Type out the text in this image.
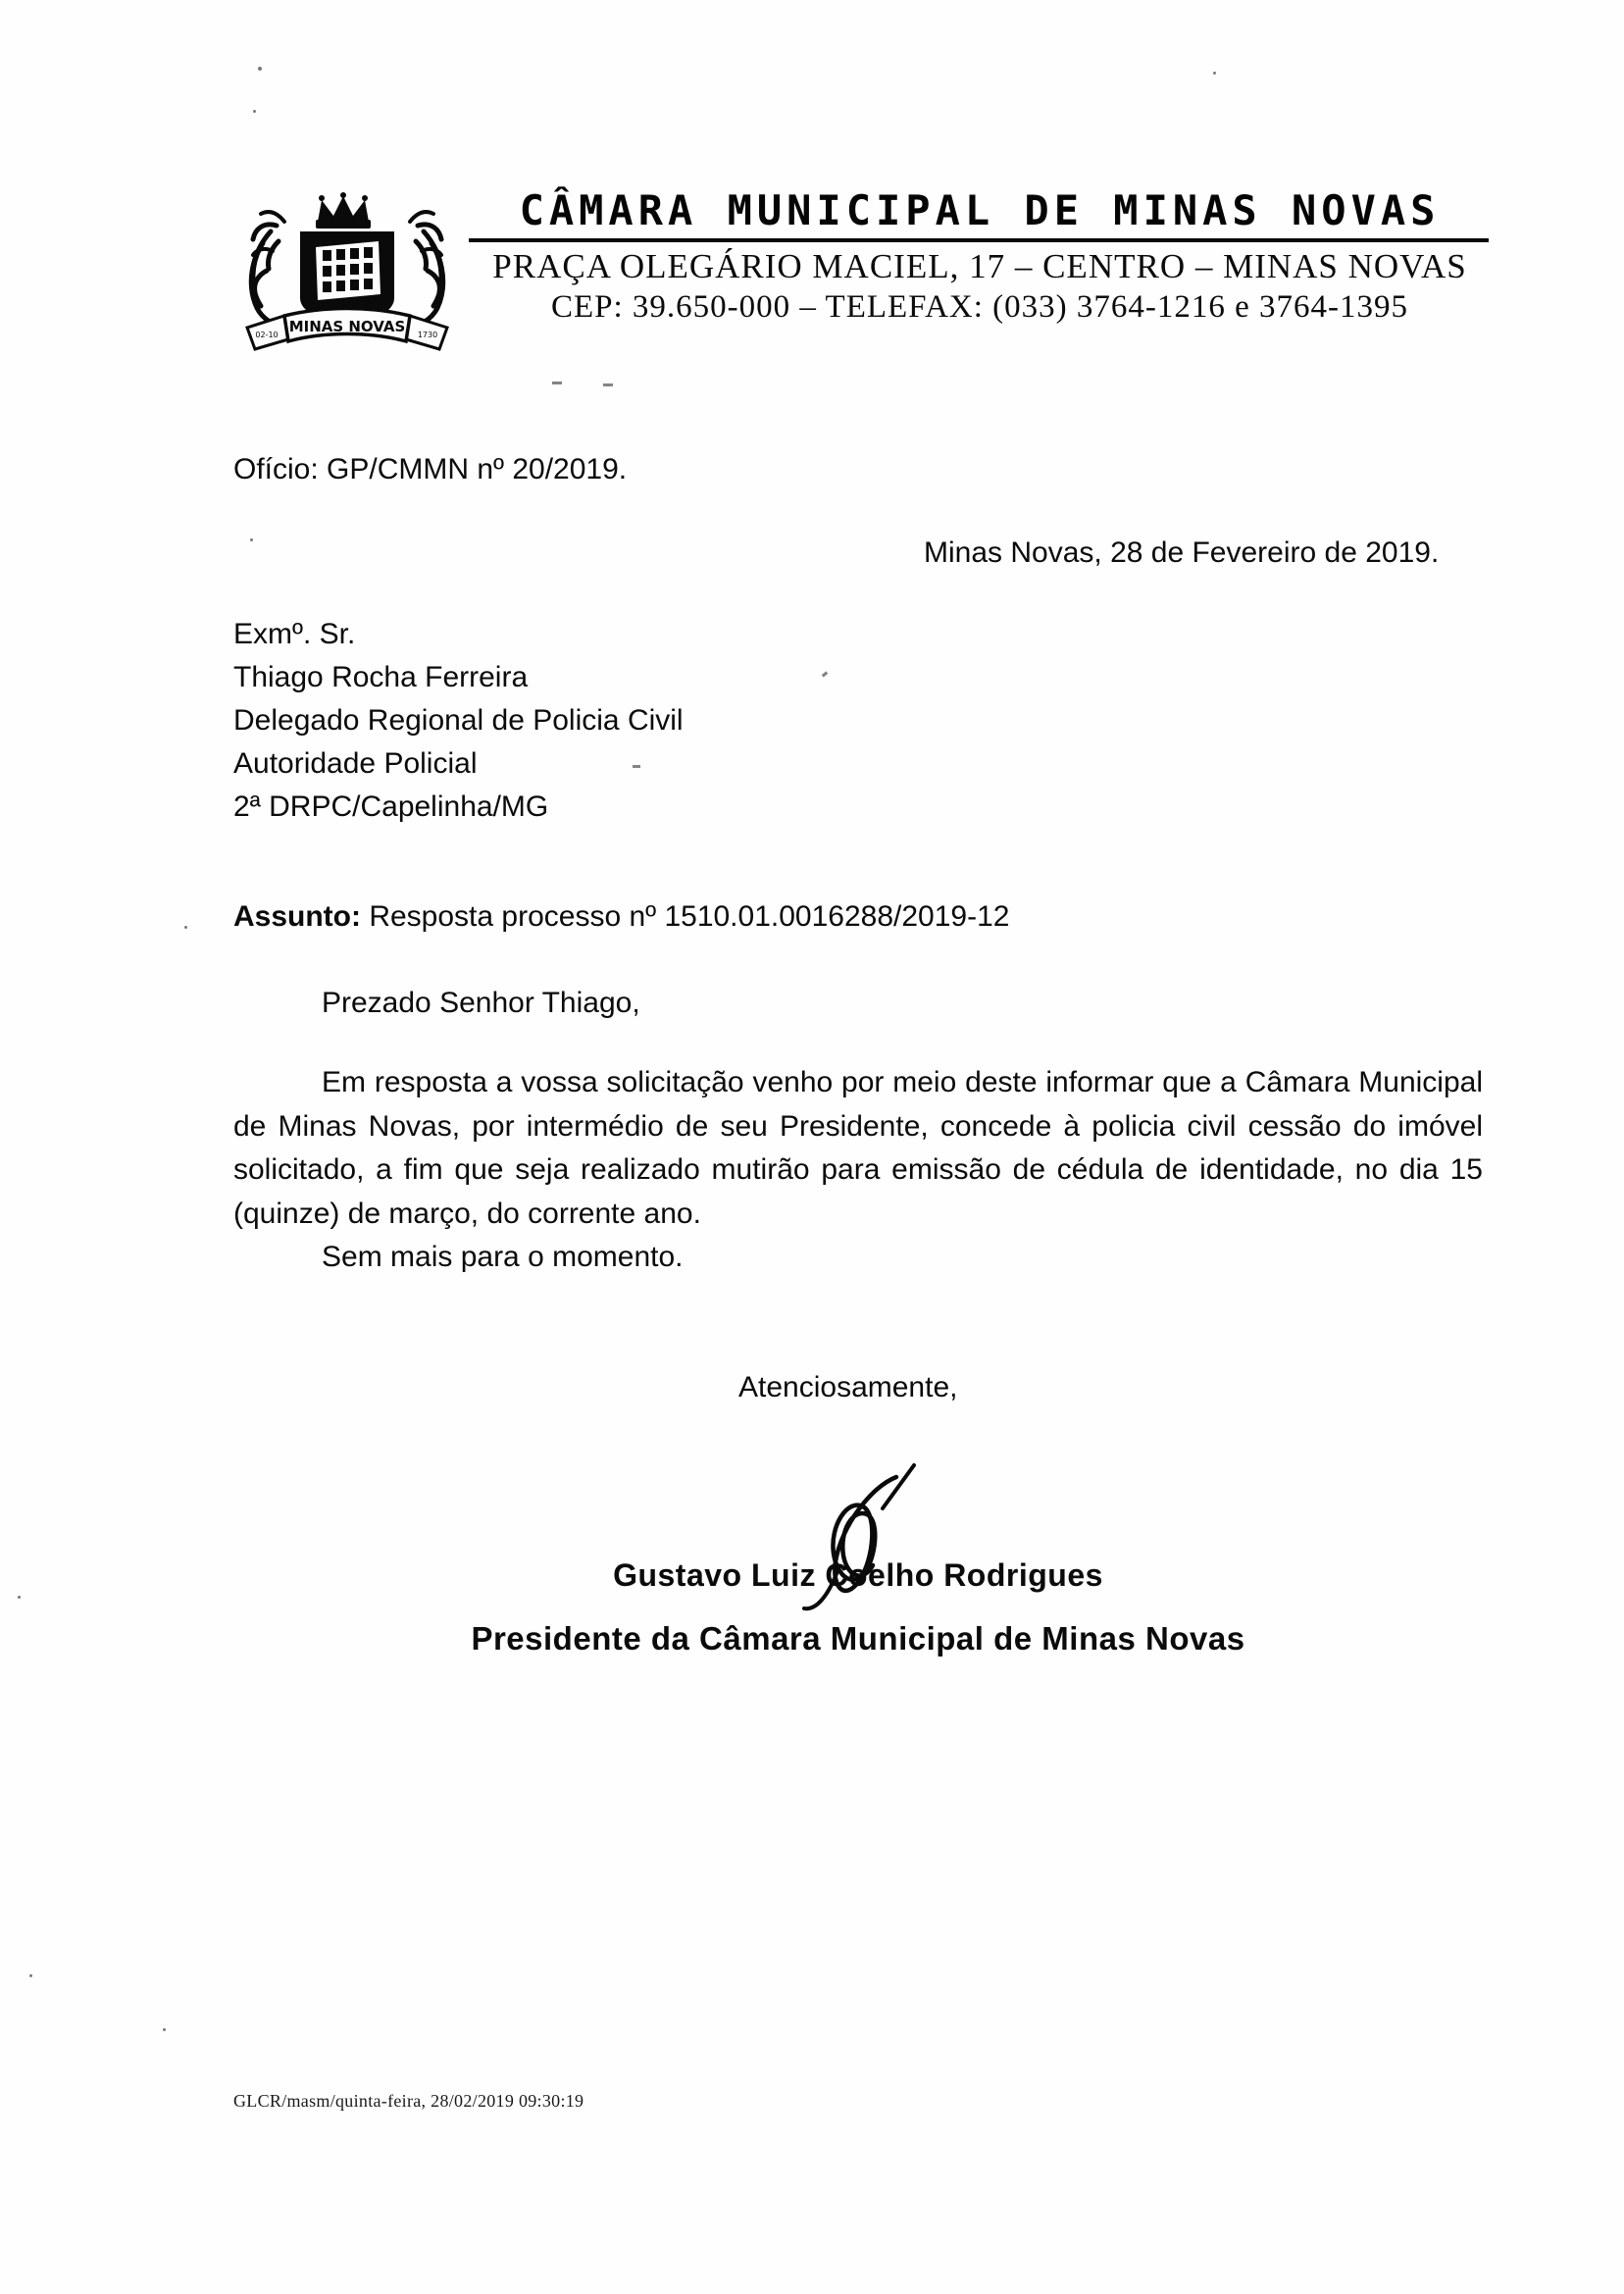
MINAS NOVAS
02-10	1730
CÂMARA MUNICIPAL DE MINAS NOVAS
PRAÇA OLEGÁRIO MACIEL, 17 – CENTRO – MINAS NOVAS
CEP: 39.650-000 – TELEFAX: (033) 3764-1216 e 3764-1395
Ofício: GP/CMMN nº 20/2019.
Minas Novas, 28 de Fevereiro de 2019.
Exmº. Sr.
Thiago Rocha Ferreira
Delegado Regional de Policia Civil
Autoridade Policial
2ª DRPC/Capelinha/MG
Assunto: Resposta processo nº 1510.01.0016288/2019-12
Prezado Senhor Thiago,

Em resposta a vossa solicitação venho por meio deste informar que a Câmara Municipal de Minas Novas, por intermédio de seu Presidente, concede à policia civil cessão do imóvel solicitado, a fim que seja realizado mutirão para emissão de cédula de identidade, no dia 15 (quinze) de março, do corrente ano.

Sem mais para o momento.

Atenciosamente,
Gustavo Luiz Coelho Rodrigues
Presidente da Câmara Municipal de Minas Novas
GLCR/masm/quinta-feira, 28/02/2019 09:30:19
